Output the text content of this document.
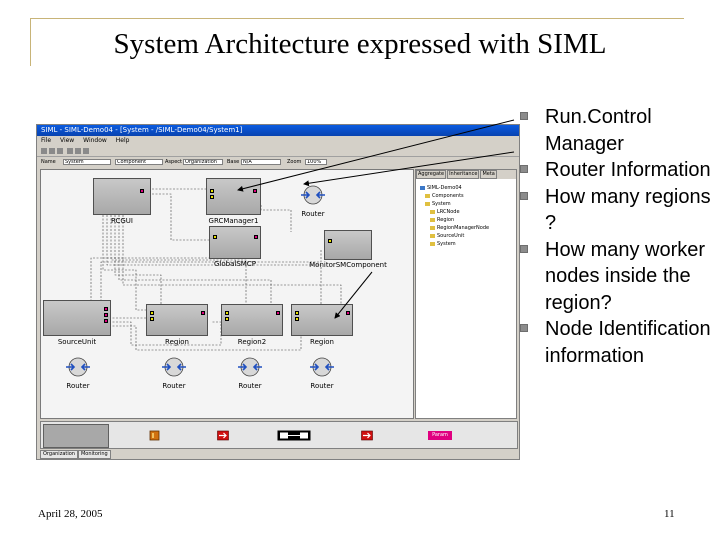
System Architecture expressed with SIML
SIML - SIML-Demo04 - [System - /SIML-Demo04/System1]
File View Window Help
Name	System	Component	Aspect Organization	Base N/A	Zoom	100%
RCGUI	GRCManager1
Router
GlobalSMCP	MonitorSMComponent
SourceUnit	Region	Region2	Region
Router	Router	Router	Router
Aggregate Inheritance Meta
SIML-Demo04
Components
System
LRCNode
Region
RegionManagerNode
SourceUnit
System
Param
Organization Monitoring
Run.Control Manager
Router Information
How many regions ?
How many worker nodes inside the region?
Node Identification information
April 28, 2005	11
